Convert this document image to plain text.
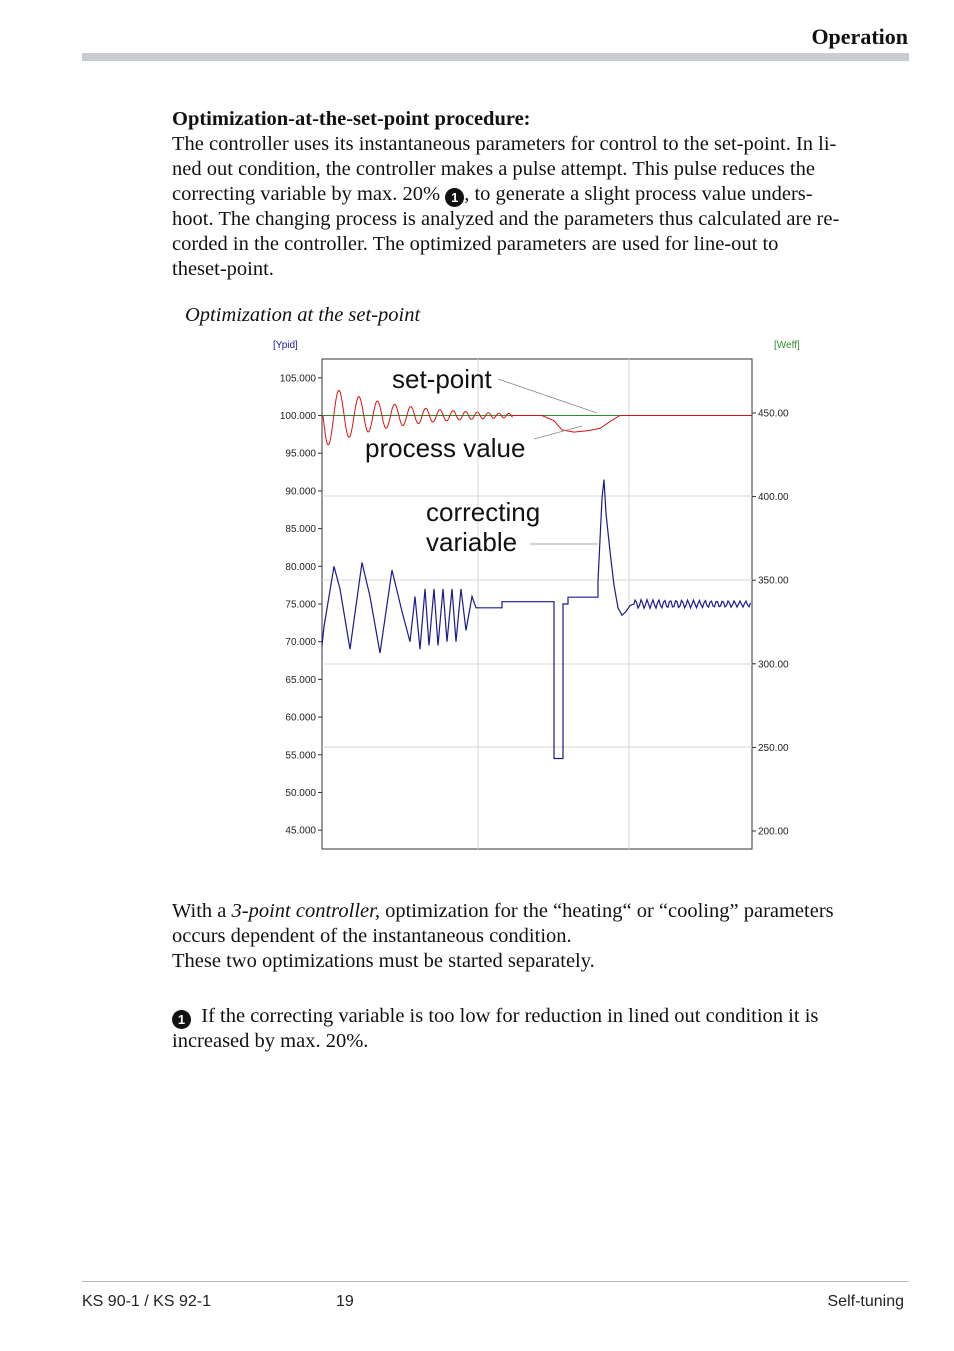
Operation
Optimization-at-the-set-point procedure:
The controller uses its instantaneous parameters for control to the set-point. In li-
ned out condition, the controller makes a pulse attempt. This pulse reduces the
correcting variable by max. 20% 1 , to generate a slight process value unders-
hoot. The changing process is analyzed and the parameters thus calculated are re-
corded in the controller. The optimized parameters are used for line-out to
theset-point.
Optimization at the set-point
[Ypid]	[Weff]
105.000
100.000
95.000
90.000
85.000
80.000
75.000
70.000
65.000
60.000
55.000
50.000
45.000
450.00
400.00
350.00
300.00
250.00
200.00
set-point
process value
correcting
variable
With a 3-point controller, optimization for the “heating“ or “cooling” parameters
occurs dependent of the instantaneous condition.
These two optimizations must be started separately.
1 If the correcting variable is too low for reduction in lined out condition it is
increased by max. 20%.
KS 90-1 / KS 92-1	19	Self-tuning
